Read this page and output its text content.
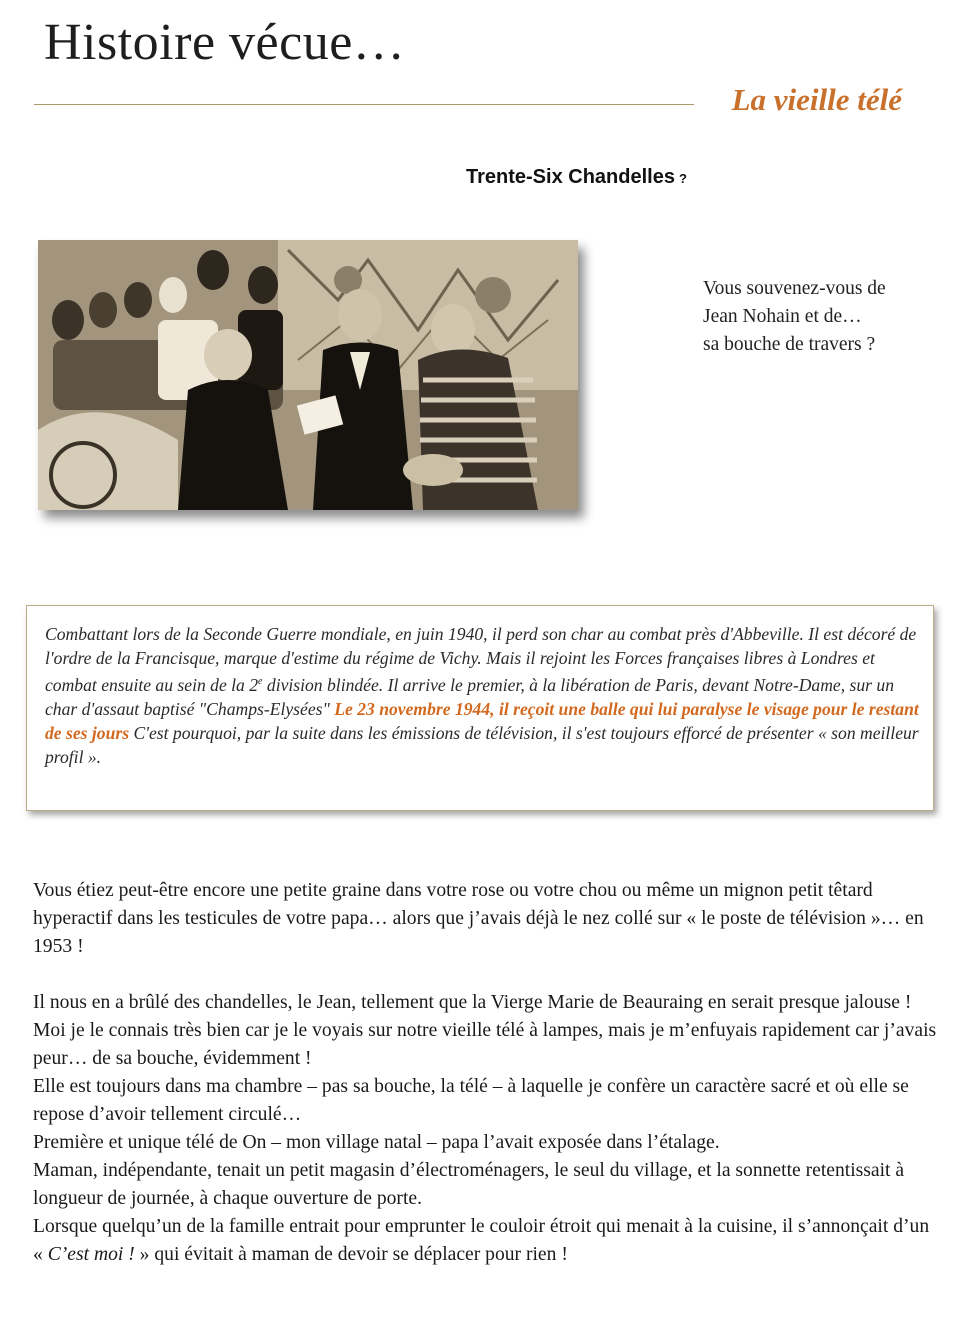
Histoire vécue…
La vieille télé
Trente-Six Chandelles ?
Vous souvenez-vous de
Jean Nohain et de…
sa bouche de travers ?
Combattant lors de la Seconde Guerre mondiale, en juin 1940, il perd son char au combat près d'Abbeville. Il est décoré de l'ordre de la Francisque, marque d'estime du régime de Vichy. Mais il rejoint les Forces françaises libres à Londres et combat ensuite au sein de la 2e division blindée. Il arrive le premier, à la libération de Paris, devant Notre-Dame, sur un char d'assaut baptisé "Champs-Elysées" Le 23 novembre 1944, il reçoit une balle qui lui paralyse le visage pour le restant de ses jours C'est pourquoi, par la suite dans les émissions de télévision, il s'est toujours efforcé de présenter « son meilleur profil ».

Vous étiez peut-être encore une petite graine dans votre rose ou votre chou ou même un mignon petit têtard hyperactif dans les testicules de votre papa… alors que j’avais déjà le nez collé sur « le poste de télévision »… en 1953 !

Il nous en a brûlé des chandelles, le Jean, tellement que la Vierge Marie de Beauraing en serait presque jalouse !

Moi je le connais très bien car je le voyais sur notre vieille télé à lampes, mais je m’enfuyais rapidement car j’avais peur… de sa bouche, évidemment !

Elle est toujours dans ma chambre – pas sa bouche, la télé – à laquelle je confère un caractère sacré et où elle se repose d’avoir tellement circulé…

Première et unique télé de On – mon village natal – papa l’avait exposée dans l’étalage.

Maman, indépendante, tenait un petit magasin d’électroménagers, le seul du village, et la sonnette retentissait à longueur de journée, à chaque ouverture de porte.

Lorsque quelqu’un de la famille entrait pour emprunter le couloir étroit qui menait à la cuisine, il s’annonçait d’un « C’est moi ! » qui évitait à maman de devoir se déplacer pour rien !
